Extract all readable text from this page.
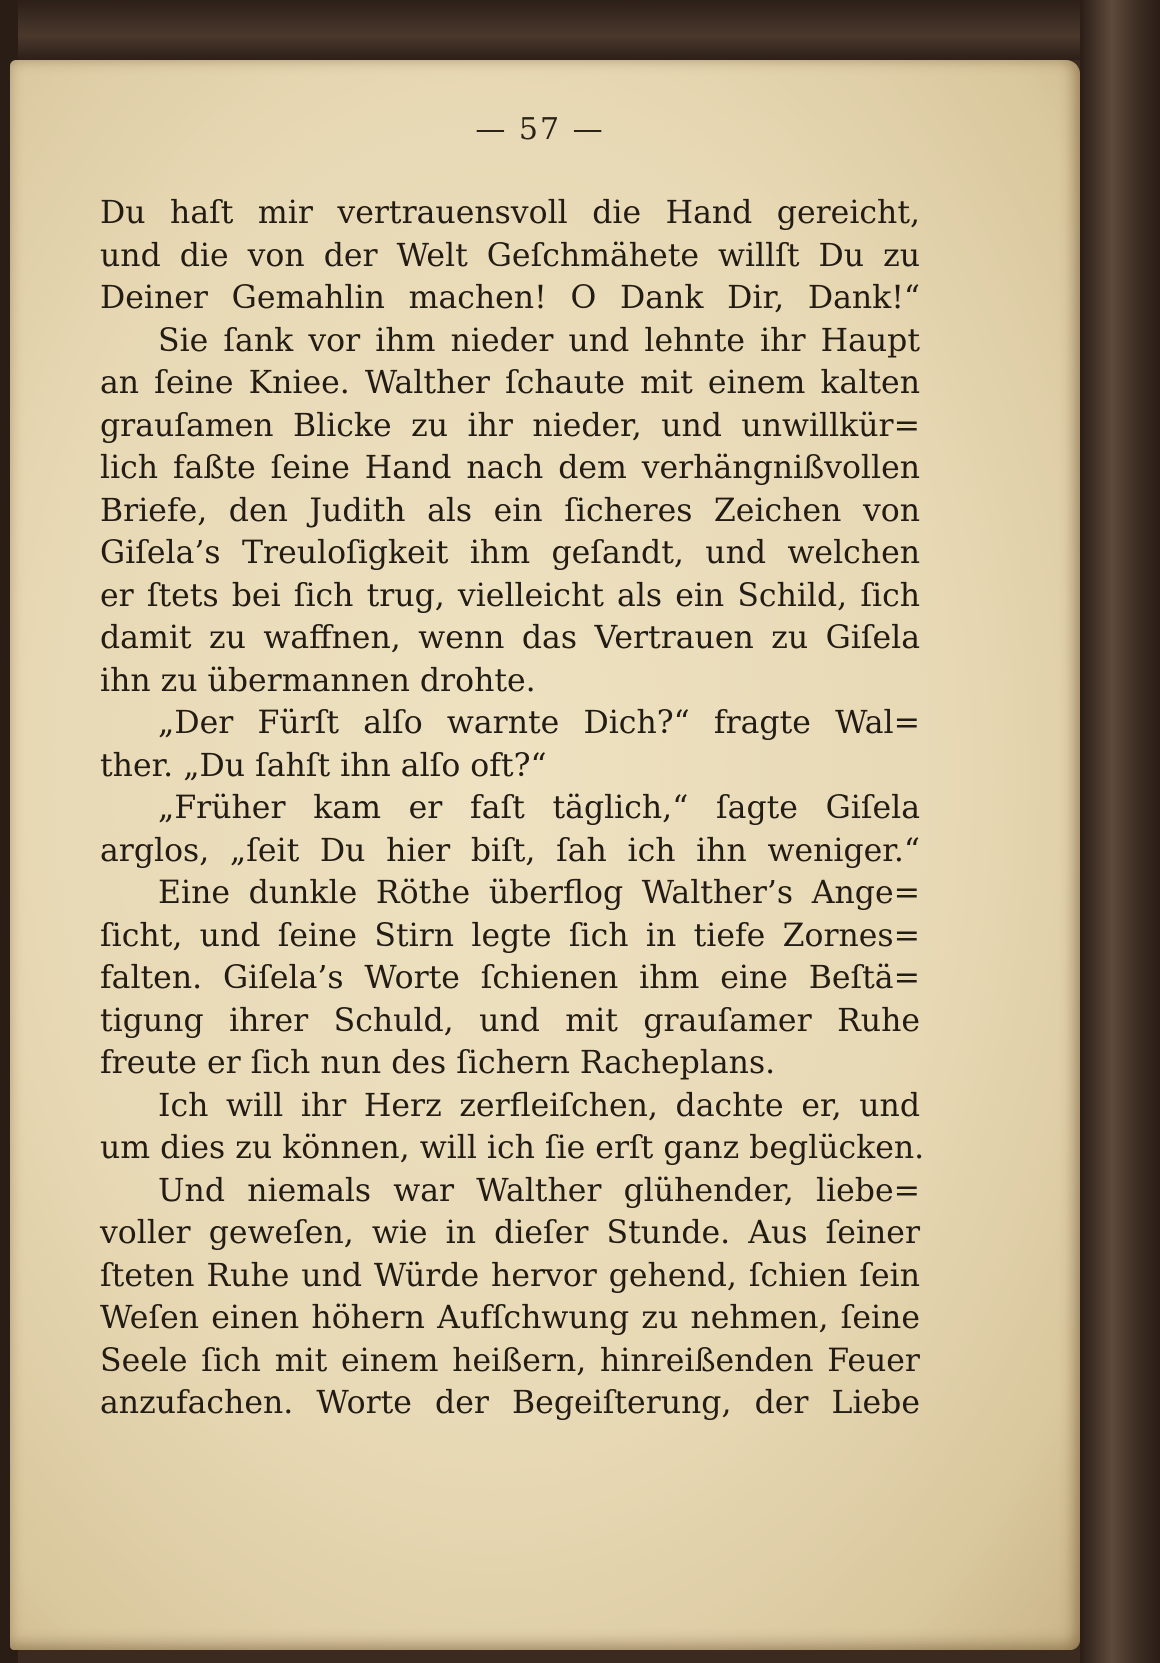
— 57 —
Du haſt mir vertrauensvoll die Hand gereicht,
und die von der Welt Geſchmähete willſt Du zu
Deiner Gemahlin machen! O Dank Dir, Dank!“
Sie ſank vor ihm nieder und lehnte ihr Haupt
an ſeine Kniee. Walther ſchaute mit einem kalten
grauſamen Blicke zu ihr nieder, und unwillkür=
lich faßte ſeine Hand nach dem verhängnißvollen
Briefe, den Judith als ein ſicheres Zeichen von
Giſela’s Treuloſigkeit ihm geſandt, und welchen
er ſtets bei ſich trug, vielleicht als ein Schild, ſich
damit zu waffnen, wenn das Vertrauen zu Giſela
ihn zu übermannen drohte.
„Der Fürſt alſo warnte Dich?“ fragte Wal=
ther. „Du ſahſt ihn alſo oft?“
„Früher kam er faſt täglich,“ ſagte Giſela
arglos, „ſeit Du hier biſt, ſah ich ihn weniger.“
Eine dunkle Röthe überflog Walther’s Ange=
ſicht, und ſeine Stirn legte ſich in tiefe Zornes=
falten. Giſela’s Worte ſchienen ihm eine Beſtä=
tigung ihrer Schuld, und mit grauſamer Ruhe
freute er ſich nun des ſichern Racheplans.
Ich will ihr Herz zerfleiſchen, dachte er, und
um dies zu können, will ich ſie erſt ganz beglücken.
Und niemals war Walther glühender, liebe=
voller geweſen, wie in dieſer Stunde. Aus ſeiner
ſteten Ruhe und Würde hervor gehend, ſchien ſein
Weſen einen höhern Aufſchwung zu nehmen, ſeine
Seele ſich mit einem heißern, hinreißenden Feuer
anzufachen. Worte der Begeiſterung, der Liebe
